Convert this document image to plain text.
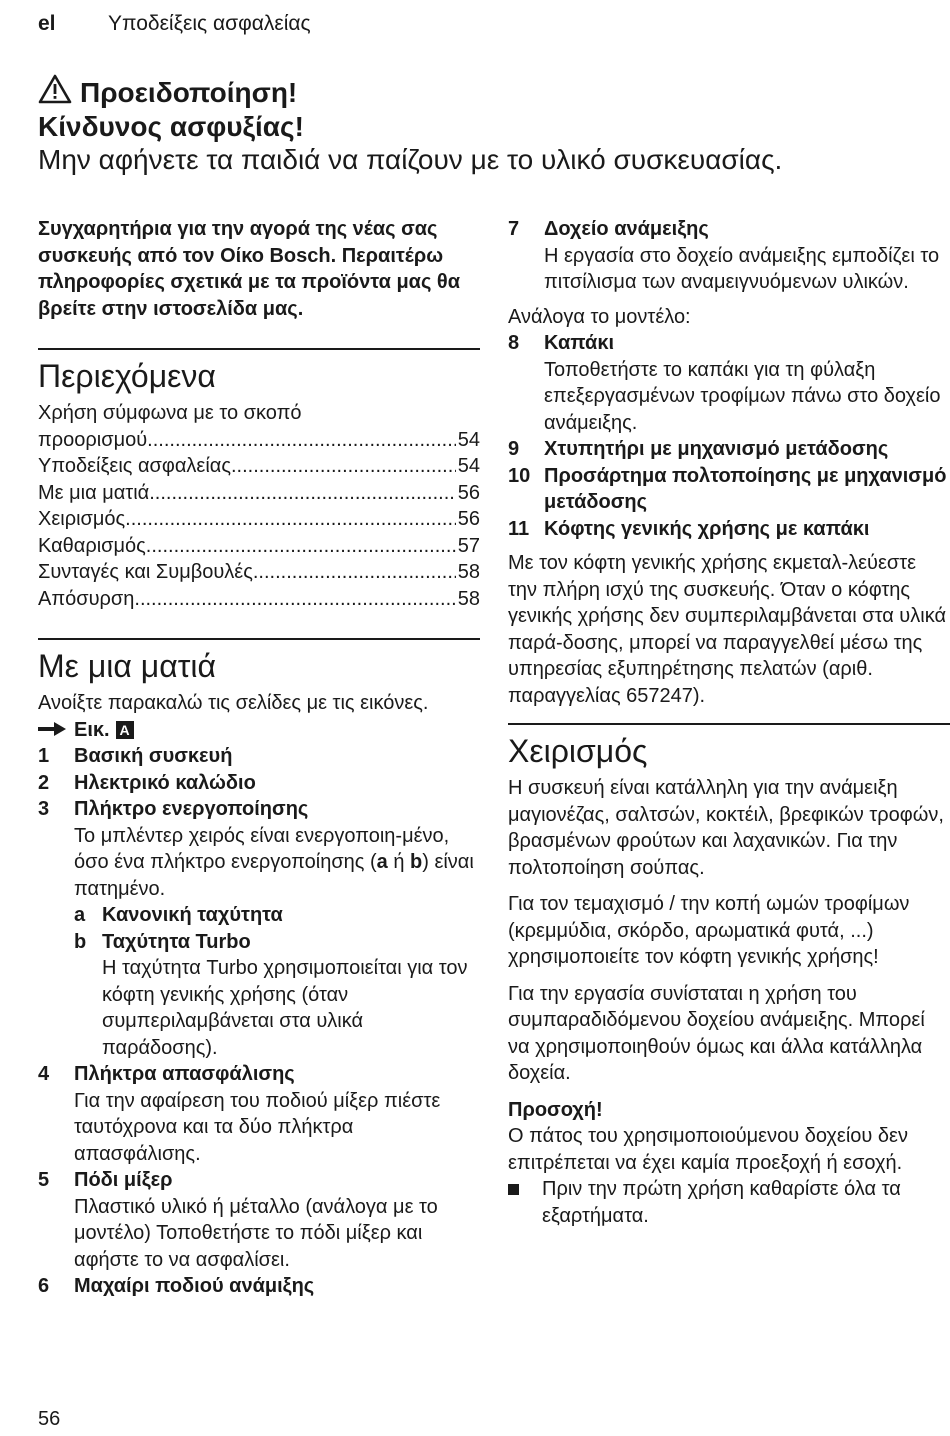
el Υποδείξεις ασφαλείας
Προειδοποίηση!
Κίνδυνος ασφυξίας!
Μην αφήνετε τα παιδιά να παίζουν με το υλικό συσκευασίας.

Συγχαρητήρια για την αγορά της νέας σας συσκευής από τον Οίκο Bosch. Περαιτέρω πληροφορίες σχετικά με τα προϊόντα μας θα βρείτε στην ιστοσελίδα μας.

Περιεχόμενα
Χρήση σύμφωνα με το σκοπό
προορισμού .....	54
Υποδείξεις ασφαλείας .....	54
Με μια ματιά .....	56
Χειρισμός .....	56
Καθαρισμός .....	57
Συνταγές και Συμβουλές .....	58
Απόσυρση .....	58
Με μια ματιά
Ανοίξτε παρακαλώ τις σελίδες με τις εικόνες.
Εικ. A
1	Βασική συσκευή
2	Ηλεκτρικό καλώδιο
3	Πλήκτρο ενεργοποίησης
Το μπλέντερ χειρός είναι ενεργοποιη-μένο, όσο ένα πλήκτρο ενεργοποίησης (a ή b) είναι πατημένο.
a Κανονική ταχύτητα
b Ταχύτητα Turbo
Η ταχύτητα Turbo χρησιμοποιείται για τον κόφτη γενικής χρήσης (όταν συμπεριλαμβάνεται στα υλικά παράδοσης).
4	Πλήκτρα απασφάλισης
Για την αφαίρεση του ποδιού μίξερ πιέστε ταυτόχρονα και τα δύο πλήκτρα απασφάλισης.
5	Πόδι μίξερ
Πλαστικό υλικό ή μέταλλο (ανάλογα με το μοντέλο) Τοποθετήστε το πόδι μίξερ και αφήστε το να ασφαλίσει.
6	Μαχαίρι ποδιού ανάμιξης
7	Δοχείο ανάμειξης
Η εργασία στο δοχείο ανάμειξης εμποδίζει το πιτσίλισμα των αναμειγνυόμενων υλικών.
Ανάλογα το μοντέλο:
8	Καπάκι
Τοποθετήστε το καπάκι για τη φύλαξη επεξεργασμένων τροφίμων πάνω στο δοχείο ανάμειξης.
9	Χτυπητήρι με μηχανισμό μετάδοσης
10 Προσάρτημα πολτοποίησης με μηχανισμό μετάδοσης
11 Κόφτης γενικής χρήσης με καπάκι

Με τον κόφτη γενικής χρήσης εκμεταλ-λεύεστε την πλήρη ισχύ της συσκευής. Όταν ο κόφτης γενικής χρήσης δεν συμπεριλαμβάνεται στα υλικά παρά-δοσης, μπορεί να παραγγελθεί μέσω της υπηρεσίας εξυπηρέτησης πελατών (αριθ. παραγγελίας 657247).

Χειρισμός

Η συσκευή είναι κατάλληλη για την ανάμειξη μαγιονέζας, σαλτσών, κοκτέιλ, βρεφικών τροφών, βρασμένων φρούτων και λαχανικών. Για την πολτοποίηση σούπας.

Για τον τεμαχισμό / την κοπή ωμών τροφίμων (κρεμμύδια, σκόρδο, αρωματικά φυτά, ...) χρησιμοποιείτε τον κόφτη γενικής χρήσης!

Για την εργασία συνίσταται η χρήση του συμπαραδιδόμενου δοχείου ανάμειξης. Μπορεί να χρησιμοποιηθούν όμως και άλλα κατάλληλα δοχεία.

Προσοχή!

Ο πάτος του χρησιμοποιούμενου δοχείου δεν επιτρέπεται να έχει καμία προεξοχή ή εσοχή.

Πριν την πρώτη χρήση καθαρίστε όλα τα εξαρτήματα.
56
